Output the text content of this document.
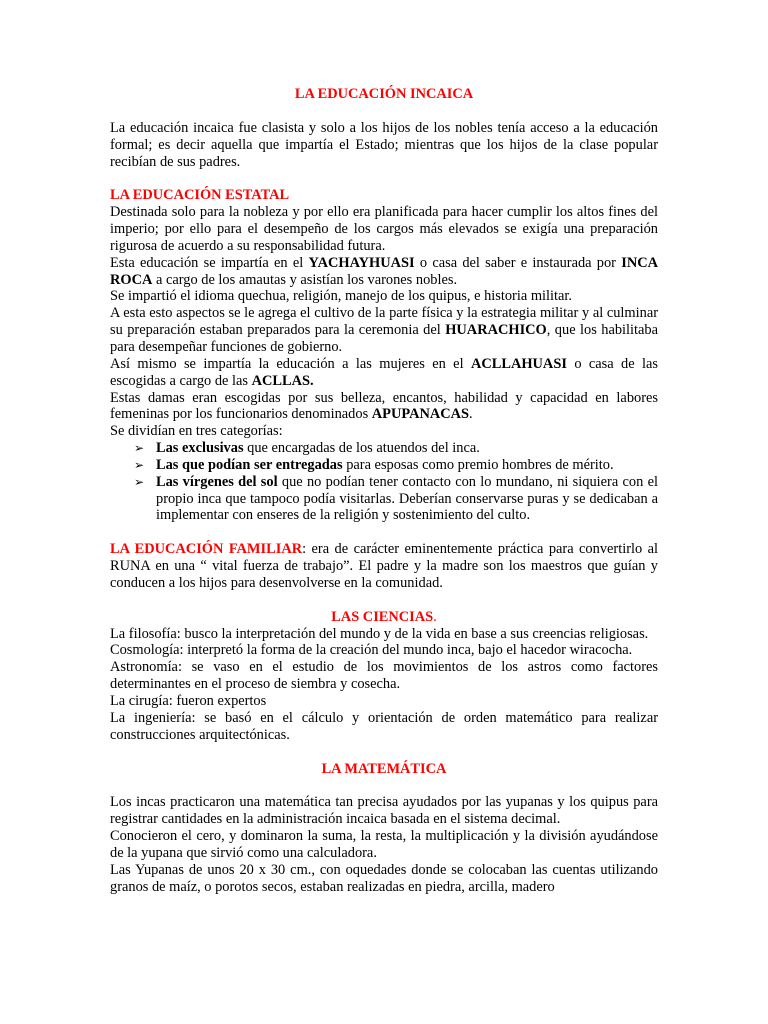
LA EDUCACIÓN INCAICA

La educación incaica fue clasista y solo a los hijos de los nobles tenía acceso a la educación formal; es decir aquella que impartía el Estado; mientras que los hijos de la clase popular recibían de sus padres.

LA EDUCACIÓN ESTATAL

Destinada solo para la nobleza y por ello era planificada para hacer cumplir los altos fines del imperio; por ello para el desempeño de los cargos más elevados se exigía una preparación rigurosa de acuerdo a su responsabilidad futura.

Esta educación se impartía en el YACHAYHUASI o casa del saber e instaurada por INCA ROCA a cargo de los amautas y asistían los varones nobles.

Se impartió el idioma quechua, religión, manejo de los quipus, e historia militar.

A esta esto aspectos se le agrega el cultivo de la parte física y la estrategia militar y al culminar su preparación estaban preparados para la ceremonia del HUARACHICO, que los habilitaba para desempeñar funciones de gobierno.

Así mismo se impartía la educación a las mujeres en el ACLLAHUASI o casa de las escogidas a cargo de las ACLLAS.

Estas damas eran escogidas por sus belleza, encantos, habilidad y capacidad en labores femeninas por los funcionarios denominados APUPANACAS.

Se dividían en tres categorías:

➢ Las exclusivas que encargadas de los atuendos del inca.
➢ Las que podían ser entregadas para esposas como premio hombres de mérito.
➢ Las vírgenes del sol que no podían tener contacto con lo mundano, ni siquiera con el propio inca que tampoco podía visitarlas. Deberían conservarse puras y se dedicaban a implementar con enseres de la religión y sostenimiento del culto.

LA EDUCACIÓN FAMILIAR: era de carácter eminentemente práctica para convertirlo al RUNA en una “ vital fuerza de trabajo”. El padre y la madre son los maestros que guían y conducen a los hijos para desenvolverse en la comunidad.

LAS CIENCIAS.

La filosofía: busco la interpretación del mundo y de la vida en base a sus creencias religiosas.

Cosmología: interpretó la forma de la creación del mundo inca, bajo el hacedor wiracocha.

Astronomía: se vaso en el estudio de los movimientos de los astros como factores determinantes en el proceso de siembra y cosecha.

La cirugía: fueron expertos

La ingeniería: se basó en el cálculo y orientación de orden matemático para realizar construcciones arquitectónicas.

LA MATEMÁTICA

Los incas practicaron una matemática tan precisa ayudados por las yupanas y los quipus para registrar cantidades en la administración incaica basada en el sistema decimal.

Conocieron el cero, y dominaron la suma, la resta, la multiplicación y la división ayudándose de la yupana que sirvió como una calculadora.

Las Yupanas de unos 20 x 30 cm., con oquedades donde se colocaban las cuentas utilizando granos de maíz, o porotos secos, estaban realizadas en piedra, arcilla, madero
